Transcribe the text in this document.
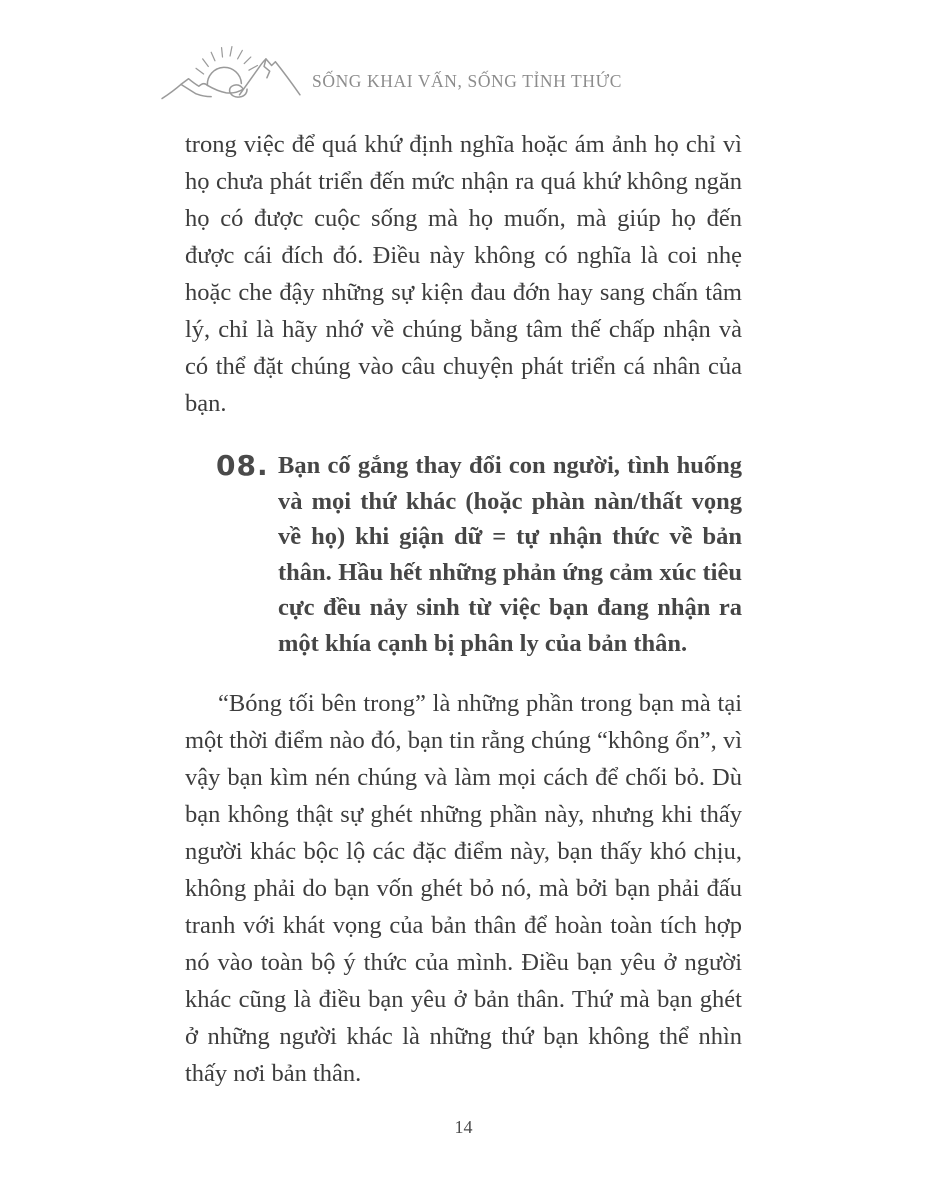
SỐNG KHAI VẤN, SỐNG TỈNH THỨC

trong việc để quá khứ định nghĩa hoặc ám ảnh họ chỉ vì họ chưa phát triển đến mức nhận ra quá khứ không ngăn họ có được cuộc sống mà họ muốn, mà giúp họ đến được cái đích đó. Điều này không có nghĩa là coi nhẹ hoặc che đậy những sự kiện đau đớn hay sang chấn tâm lý, chỉ là hãy nhớ về chúng bằng tâm thế chấp nhận và có thể đặt chúng vào câu chuyện phát triển cá nhân của bạn.

08. Bạn cố gắng thay đổi con người, tình huống và mọi thứ khác (hoặc phàn nàn/thất vọng về họ) khi giận dữ = tự nhận thức về bản thân. Hầu hết những phản ứng cảm xúc tiêu cực đều nảy sinh từ việc bạn đang nhận ra một khía cạnh bị phân ly của bản thân.

“Bóng tối bên trong” là những phần trong bạn mà tại một thời điểm nào đó, bạn tin rằng chúng “không ổn”, vì vậy bạn kìm nén chúng và làm mọi cách để chối bỏ. Dù bạn không thật sự ghét những phần này, nhưng khi thấy người khác bộc lộ các đặc điểm này, bạn thấy khó chịu, không phải do bạn vốn ghét bỏ nó, mà bởi bạn phải đấu tranh với khát vọng của bản thân để hoàn toàn tích hợp nó vào toàn bộ ý thức của mình. Điều bạn yêu ở người khác cũng là điều bạn yêu ở bản thân. Thứ mà bạn ghét ở những người khác là những thứ bạn không thể nhìn thấy nơi bản thân.

14
